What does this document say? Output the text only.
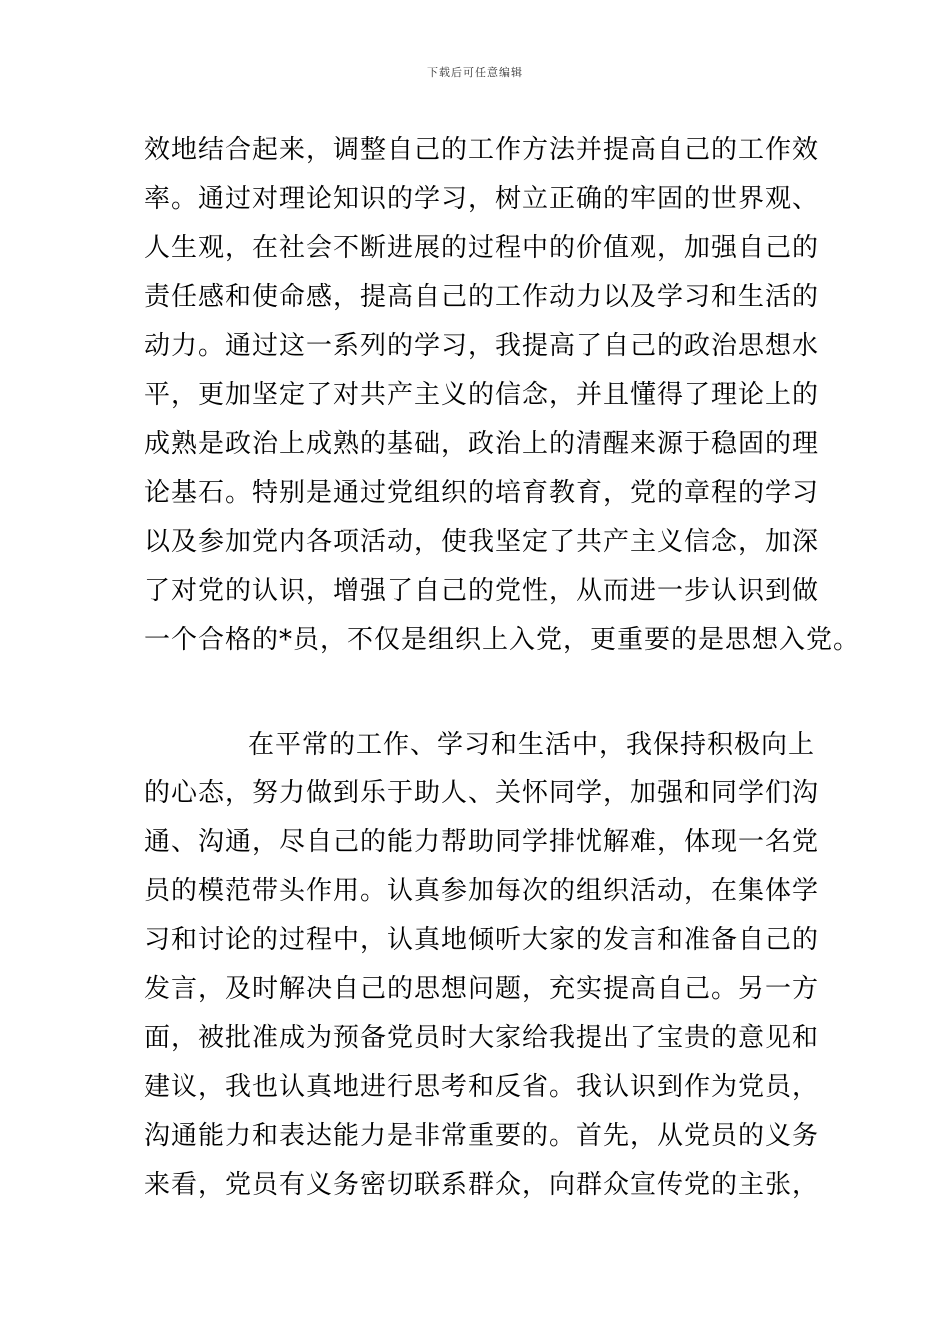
下载后可任意编辑
效地结合起来，调整自己的工作方法并提高自己的工作效
率。通过对理论知识的学习，树立正确的牢固的世界观、
人生观，在社会不断进展的过程中的价值观，加强自己的
责任感和使命感，提高自己的工作动力以及学习和生活的
动力。通过这一系列的学习，我提高了自己的政治思想水
平，更加坚定了对共产主义的信念，并且懂得了理论上的
成熟是政治上成熟的基础，政治上的清醒来源于稳固的理
论基石。特别是通过党组织的培育教育，党的章程的学习
以及参加党内各项活动，使我坚定了共产主义信念，加深
了对党的认识，增强了自己的党性，从而进一步认识到做
一个合格的*员，不仅是组织上入党，更重要的是思想入党。
在平常的工作、学习和生活中，我保持积极向上
的心态，努力做到乐于助人、关怀同学，加强和同学们沟
通、沟通，尽自己的能力帮助同学排忧解难，体现一名党
员的模范带头作用。认真参加每次的组织活动，在集体学
习和讨论的过程中，认真地倾听大家的发言和准备自己的
发言，及时解决自己的思想问题，充实提高自己。另一方
面，被批准成为预备党员时大家给我提出了宝贵的意见和
建议，我也认真地进行思考和反省。我认识到作为党员，
沟通能力和表达能力是非常重要的。首先，从党员的义务
来看，党员有义务密切联系群众，向群众宣传党的主张，
